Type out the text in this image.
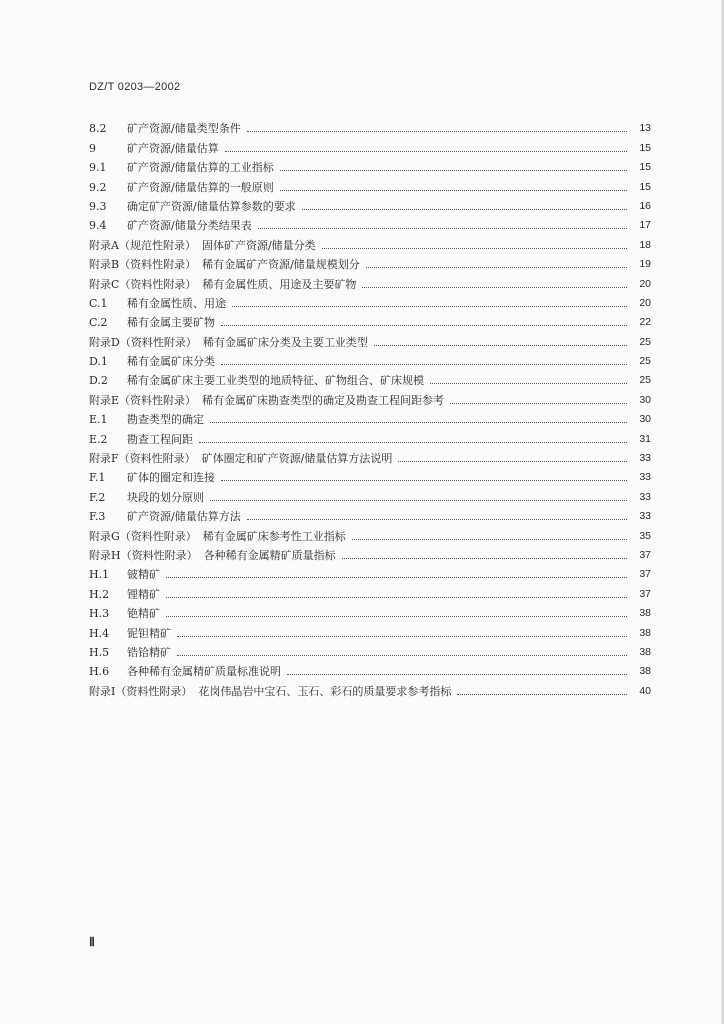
DZ/T 0203—2002
8.2	矿产资源/储量类型条件	13
9	矿产资源/储量估算	15
9.1	矿产资源/储量估算的工业指标	15
9.2	矿产资源/储量估算的一般原则	15
9.3	确定矿产资源/储量估算参数的要求	16
9.4	矿产资源/储量分类结果表	17
附录A（规范性附录） 固体矿产资源/储量分类	18
附录B（资料性附录） 稀有金属矿产资源/储量规模划分	19
附录C（资料性附录） 稀有金属性质、用途及主要矿物	20
C.1	稀有金属性质、用途	20
C.2	稀有金属主要矿物	22
附录D（资料性附录） 稀有金属矿床分类及主要工业类型	25
D.1	稀有金属矿床分类	25
D.2	稀有金属矿床主要工业类型的地质特征、矿物组合、矿床规模	25
附录E（资料性附录） 稀有金属矿床勘查类型的确定及勘查工程间距参考	30
E.1	勘查类型的确定	30
E.2	勘查工程间距	31
附录F（资料性附录） 矿体圈定和矿产资源/储量估算方法说明	33
F.1	矿体的圈定和连接	33
F.2	块段的划分原则	33
F.3	矿产资源/储量估算方法	33
附录G（资料性附录） 稀有金属矿床参考性工业指标	35
附录H（资料性附录） 各种稀有金属精矿质量指标	37
H.1	铍精矿	37
H.2	锂精矿	37
H.3	铯精矿	38
H.4	铌钽精矿	38
H.5	锆铪精矿	38
H.6	各种稀有金属精矿质量标准说明	38
附录I（资料性附录） 花岗伟晶岩中宝石、玉石、彩石的质量要求参考指标	40
Ⅱ
